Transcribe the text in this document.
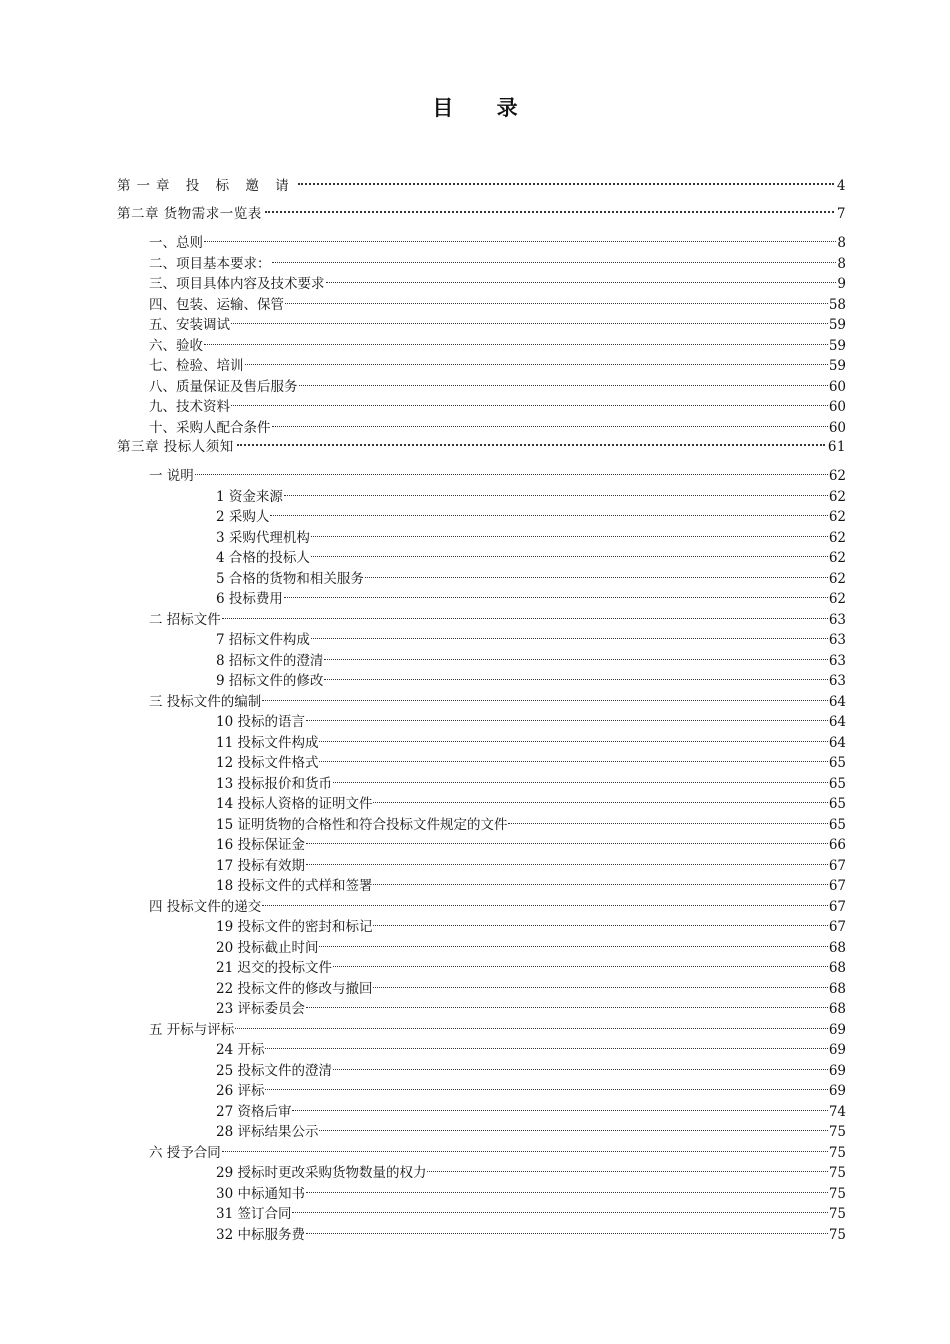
目 录
第一章 投 标 邀 请	4
第二章 货物需求一览表	7
一、总则	8
二、项目基本要求：	8
三、项目具体内容及技术要求	9
四、包装、运输、保管	58
五、安装调试	59
六、验收	59
七、检验、培训	59
八、质量保证及售后服务	60
九、技术资料	60
十、采购人配合条件	60
第三章 投标人须知	61
一 说明	62
1 资金来源	62
2 采购人	62
3 采购代理机构	62
4 合格的投标人	62
5 合格的货物和相关服务	62
6 投标费用	62
二 招标文件	63
7 招标文件构成	63
8 招标文件的澄清	63
9 招标文件的修改	63
三 投标文件的编制	64
10 投标的语言	64
11 投标文件构成	64
12 投标文件格式	65
13 投标报价和货币	65
14 投标人资格的证明文件	65
15 证明货物的合格性和符合投标文件规定的文件	65
16 投标保证金	66
17 投标有效期	67
18 投标文件的式样和签署	67
四 投标文件的递交	67
19 投标文件的密封和标记	67
20 投标截止时间	68
21 迟交的投标文件	68
22 投标文件的修改与撤回	68
23 评标委员会	68
五 开标与评标	69
24 开标	69
25 投标文件的澄清	69
26 评标	69
27 资格后审	74
28 评标结果公示	75
六 授予合同	75
29 授标时更改采购货物数量的权力	75
30 中标通知书	75
31 签订合同	75
32 中标服务费	75
